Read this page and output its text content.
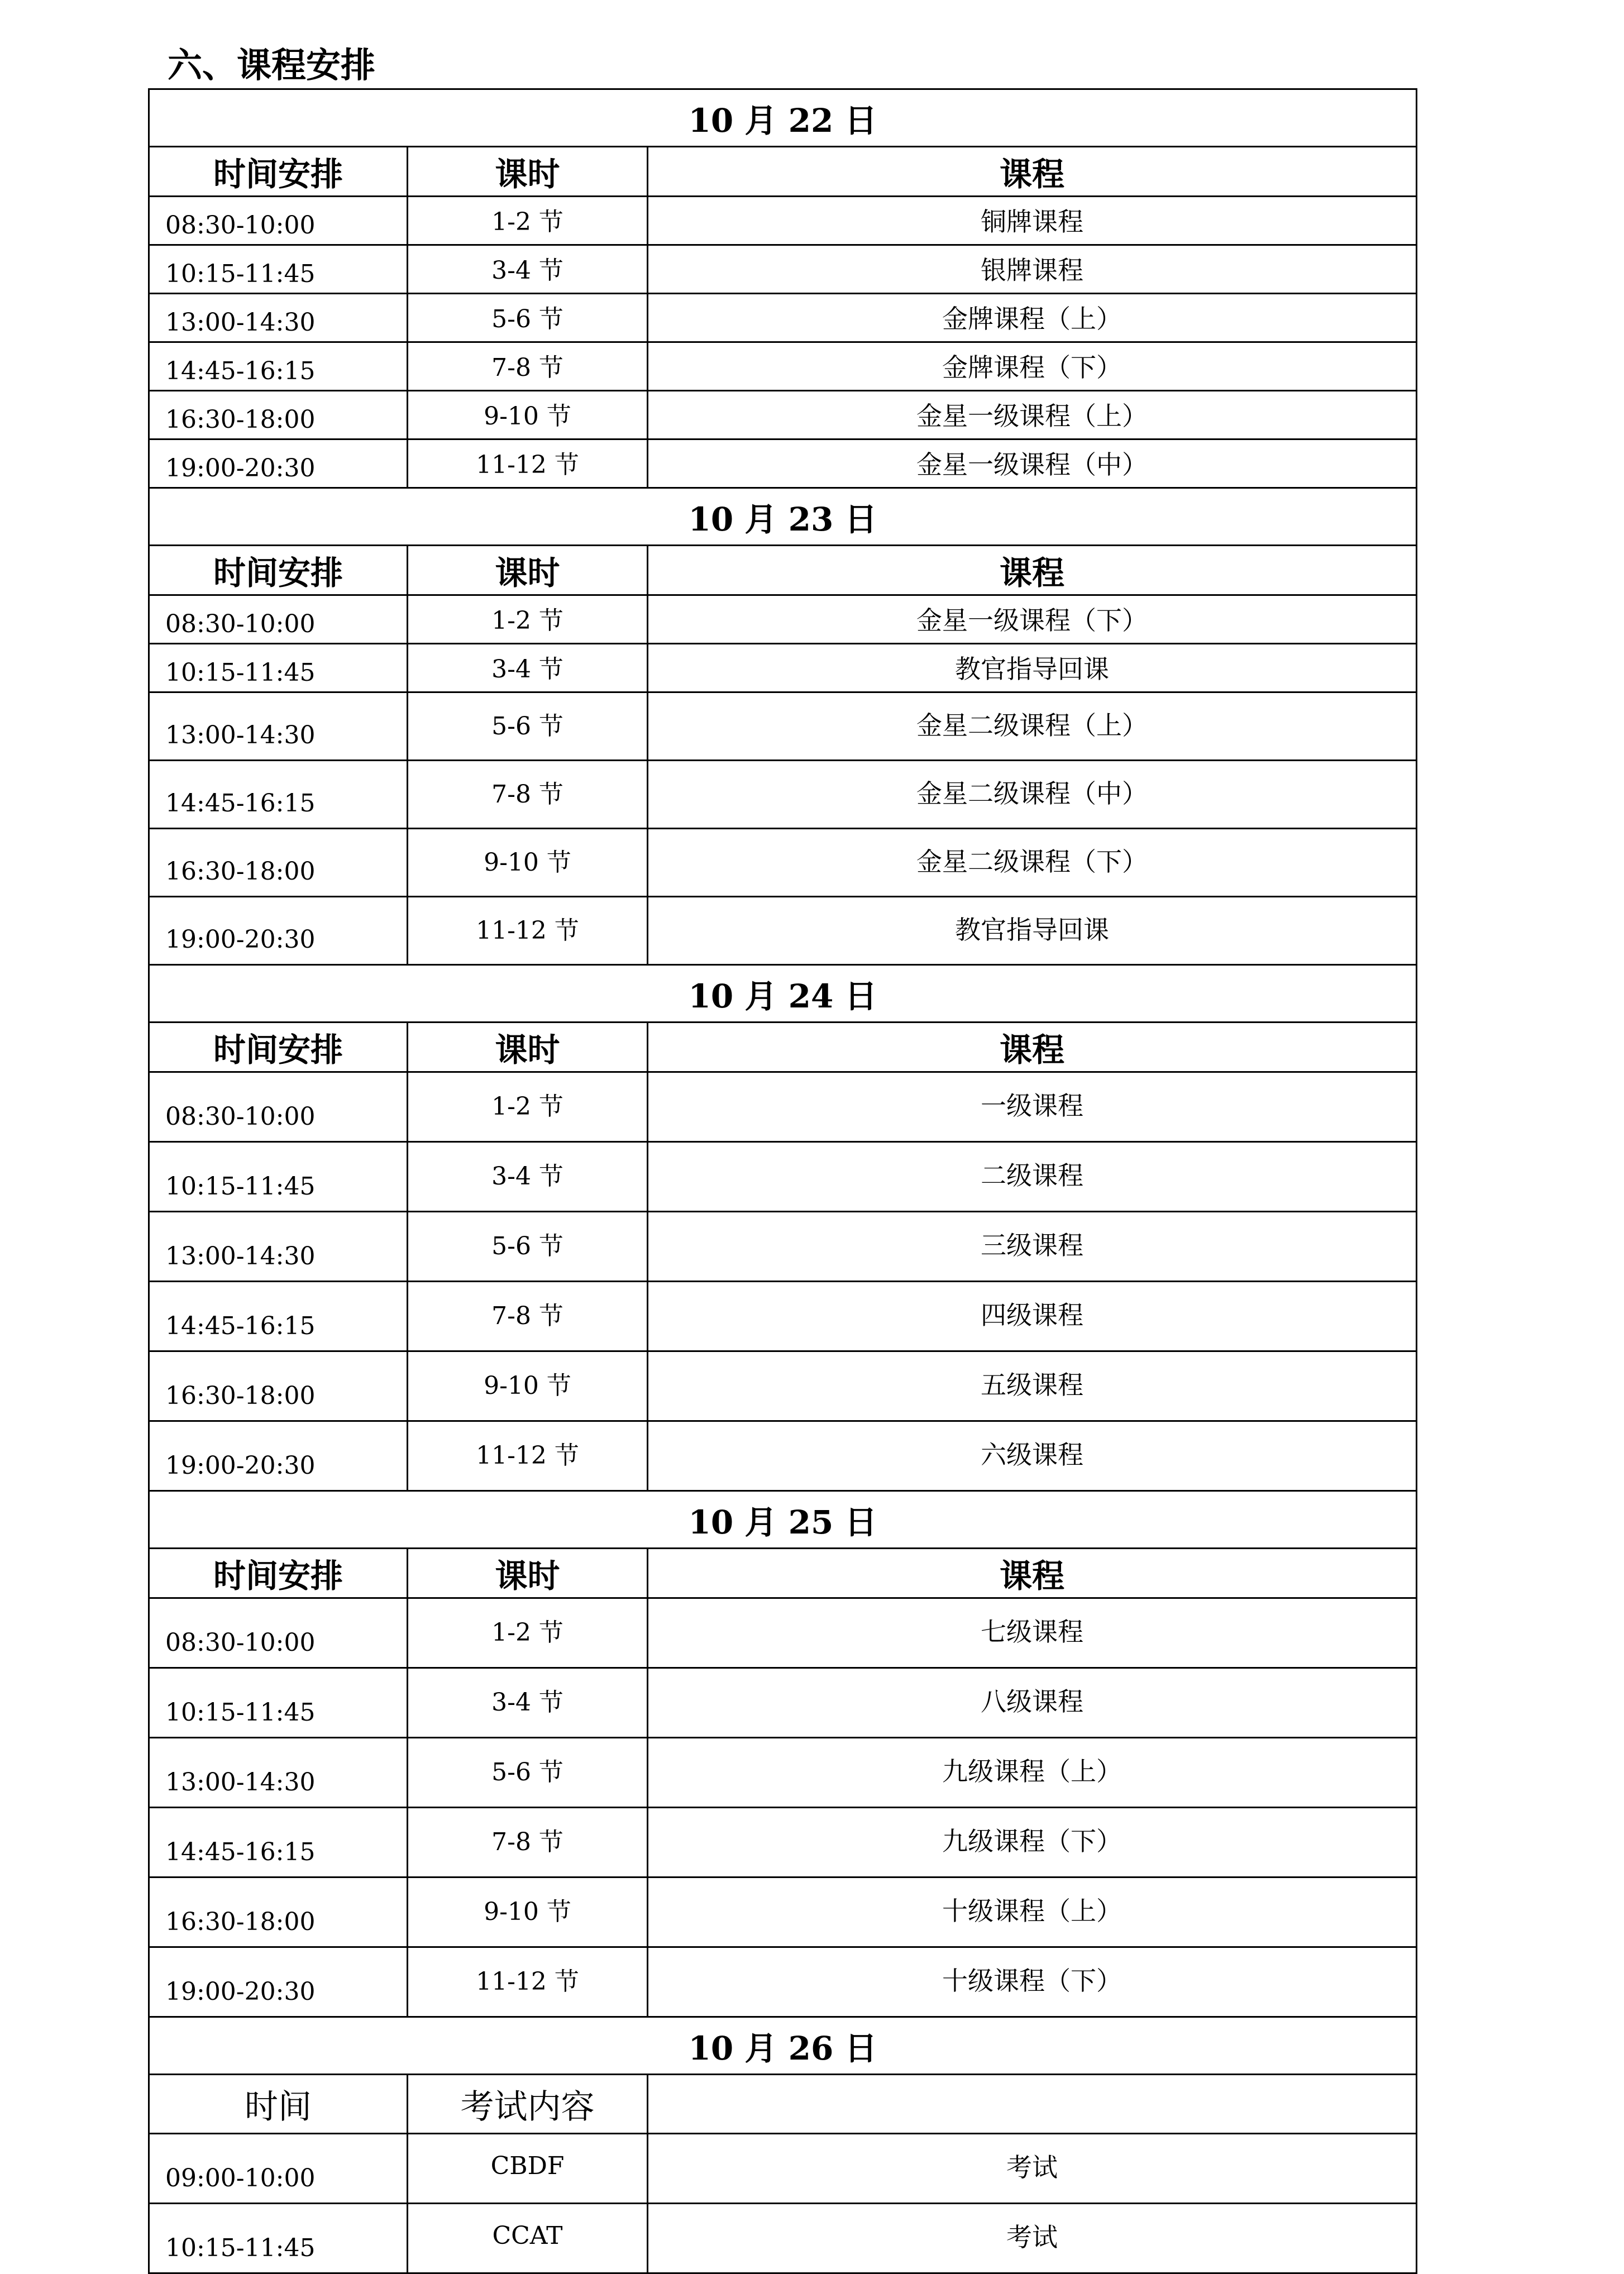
六、课程安排
10 月 22 日		
时间安排	课时	课程
08:30-10:00	1-2 节	铜牌课程
10:15-11:45	3-4 节	银牌课程
13:00-14:30	5-6 节	金牌课程（上）
14:45-16:15	7-8 节	金牌课程（下）
16:30-18:00	9-10 节	金星一级课程（上）
19:00-20:30	11-12 节	金星一级课程（中）
10 月 23 日		
时间安排	课时	课程
08:30-10:00	1-2 节	金星一级课程（下）
10:15-11:45	3-4 节	教官指导回课
13:00-14:30	5-6 节	金星二级课程（上）
14:45-16:15	7-8 节	金星二级课程（中）
16:30-18:00	9-10 节	金星二级课程（下）
19:00-20:30	11-12 节	教官指导回课
10 月 24 日		
时间安排	课时	课程
08:30-10:00	1-2 节	一级课程
10:15-11:45	3-4 节	二级课程
13:00-14:30	5-6 节	三级课程
14:45-16:15	7-8 节	四级课程
16:30-18:00	9-10 节	五级课程
19:00-20:30	11-12 节	六级课程
10 月 25 日		
时间安排	课时	课程
08:30-10:00	1-2 节	七级课程
10:15-11:45	3-4 节	八级课程
13:00-14:30	5-6 节	九级课程（上）
14:45-16:15	7-8 节	九级课程（下）
16:30-18:00	9-10 节	十级课程（上）
19:00-20:30	11-12 节	十级课程（下）
10 月 26 日		
时间	考试内容	
09:00-10:00	CBDF	考试
10:15-11:45	CCAT	考试
